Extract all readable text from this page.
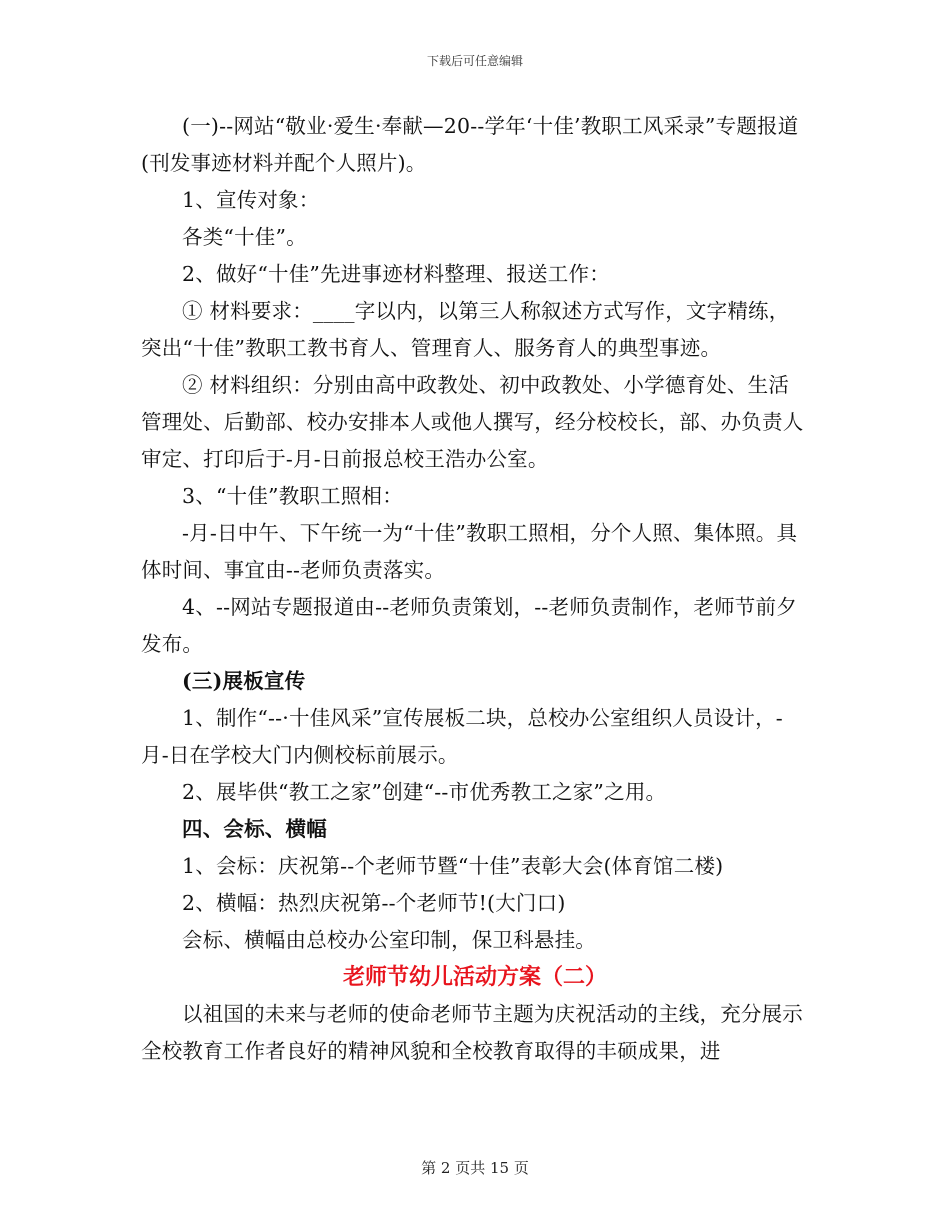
下载后可任意编辑

(一)--网站“敬业·爱生·奉献—20--学年‘十佳’教职工风采录”专题报道(刊发事迹材料并配个人照片)。

1、宣传对象：

各类“十佳”。

2、做好“十佳”先进事迹材料整理、报送工作：

① 材料要求：____字以内，以第三人称叙述方式写作，文字精练，突出“十佳”教职工教书育人、管理育人、服务育人的典型事迹。

② 材料组织：分别由高中政教处、初中政教处、小学德育处、生活管理处、后勤部、校办安排本人或他人撰写，经分校校长，部、办负责人审定、打印后于-月-日前报总校王浩办公室。

3、“十佳”教职工照相：

-月-日中午、下午统一为“十佳”教职工照相，分个人照、集体照。具体时间、事宜由--老师负责落实。

4、--网站专题报道由--老师负责策划，--老师负责制作，老师节前夕发布。

(三)展板宣传

1、制作“--·十佳风采”宣传展板二块，总校办公室组织人员设计，-月-日在学校大门内侧校标前展示。

2、展毕供“教工之家”创建“--市优秀教工之家”之用。

四、会标、横幅

1、会标：庆祝第--个老师节暨“十佳”表彰大会(体育馆二楼)

2、横幅：热烈庆祝第--个老师节!(大门口)

会标、横幅由总校办公室印制，保卫科悬挂。

老师节幼儿活动方案（二）

以祖国的未来与老师的使命老师节主题为庆祝活动的主线，充分展示全校教育工作者良好的精神风貌和全校教育取得的丰硕成果，进

第 2 页共 15 页
